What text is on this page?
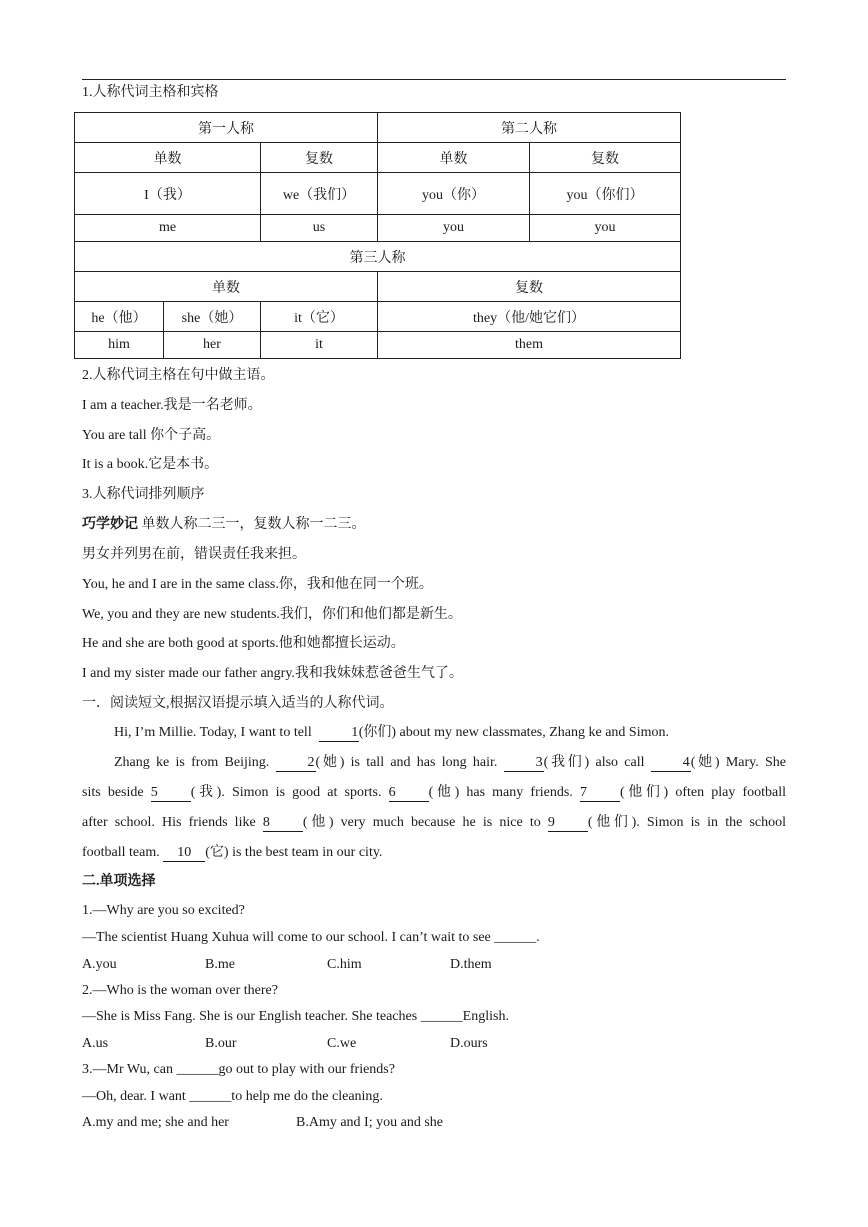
1.人称代词主格和宾格
第一人称			第二人称	
单数		复数	单数	复数
I（我）		we（我们）	you（你）	you（你们）
me		us	you	you
第三人称				
单数			复数	
he（他）	she（她）	it（它）	they（他/她它们）	
him	her	it	them	
2.人称代词主格在句中做主语。
I am a teacher.我是一名老师。
You are tall 你个子高。
It is a book.它是本书。
3.人称代词排列顺序
巧学妙记 单数人称二三一，复数人称一二三。
男女并列男在前，错误责任我来担。
You, he and I are in the same class.你，我和他在同一个班。
We, you and they are new students.我们，你们和他们都是新生。
He and she are both good at sports.他和她都擅长运动。
I and my sister made our father angry.我和我妹妹惹爸爸生气了。
一．阅读短文,根据汉语提示填入适当的人称代词。
Hi, I’m Millie. Today, I want to tell	1(你们) about my new classmates, Zhang ke and Simon.
Zhang ke is from Beijing.	2(她) is tall and has long hair.	3(我们) also call	4(她) Mary. She
sits beside 5 (我). Simon is good at sports. 6 (他) has many friends. 7 (他们) often play football
after school. His friends like 8 (他) very much because he is nice to 9 (他们). Simon is in the school
football team. 10 (它) is the best team in our city.
二.单项选择
1.—Why are you so excited?
—The scientist Huang Xuhua will come to our school. I can’t wait to see ______.
A.you	B.me	C.him	D.them
2.—Who is the woman over there?
—She is Miss Fang. She is our English teacher. She teaches ______English.
A.us	B.our	C.we	D.ours
3.—Mr Wu, can ______go out to play with our friends?
—Oh, dear. I want ______to help me do the cleaning.
A.my and me; she and her	B.Amy and I; you and she
